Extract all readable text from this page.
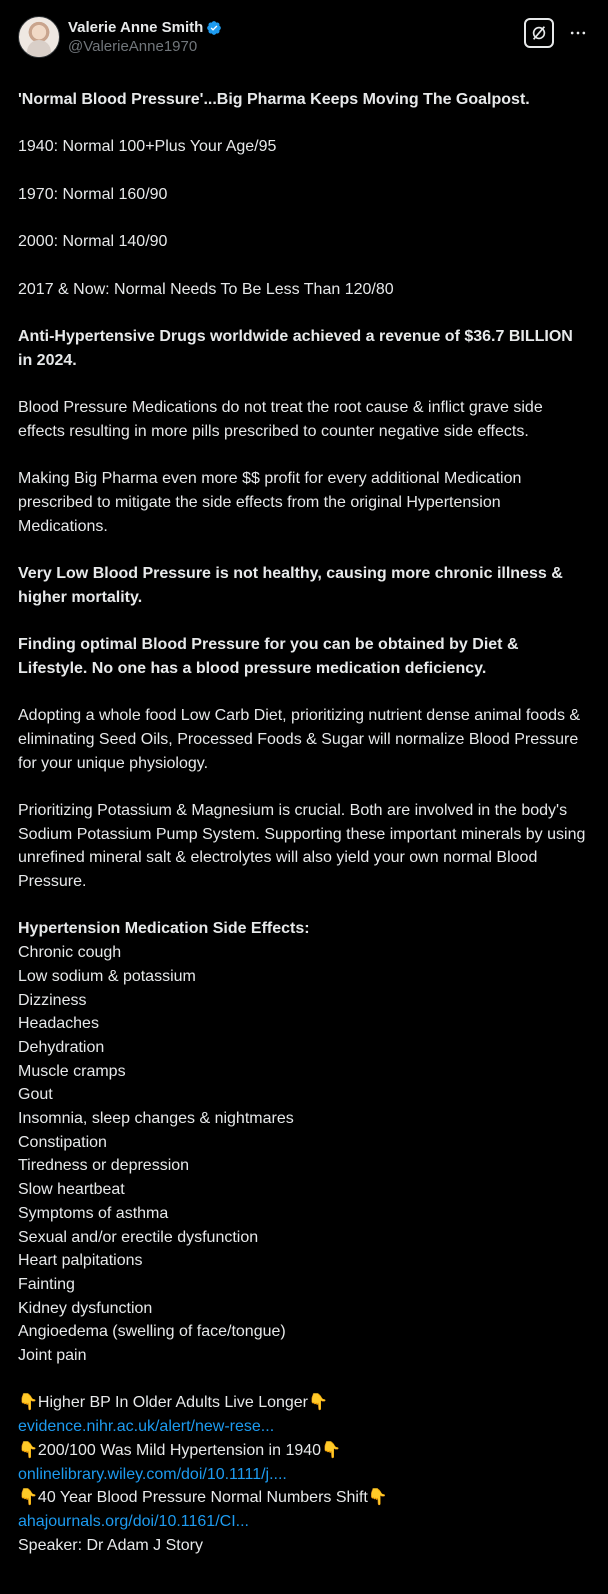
Valerie Anne Smith
@ValerieAnne1970

'Normal Blood Pressure'...Big Pharma Keeps Moving The Goalpost.

1940: Normal 100+Plus Your Age/95

1970: Normal 160/90

2000: Normal 140/90

2017 & Now: Normal Needs To Be Less Than 120/80

Anti-Hypertensive Drugs worldwide achieved a revenue of $36.7 BILLION in 2024.

Blood Pressure Medications do not treat the root cause & inflict grave side effects resulting in more pills prescribed to counter negative side effects.

Making Big Pharma even more $$ profit for every additional Medication prescribed to mitigate the side effects from the original Hypertension Medications.

Very Low Blood Pressure is not healthy, causing more chronic illness & higher mortality.

Finding optimal Blood Pressure for you can be obtained by Diet & Lifestyle. No one has a blood pressure medication deficiency.

Adopting a whole food Low Carb Diet, prioritizing nutrient dense animal foods & eliminating Seed Oils, Processed Foods & Sugar will normalize Blood Pressure for your unique physiology.

Prioritizing Potassium & Magnesium is crucial. Both are involved in the body's Sodium Potassium Pump System. Supporting these important minerals by using unrefined mineral salt & electrolytes will also yield your own normal Blood Pressure.

Hypertension Medication Side Effects:

Chronic cough

Low sodium & potassium

Dizziness

Headaches

Dehydration

Muscle cramps

Gout

Insomnia, sleep changes & nightmares

Constipation

Tiredness or depression

Slow heartbeat

Symptoms of asthma

Sexual and/or erectile dysfunction

Heart palpitations

Fainting

Kidney dysfunction

Angioedema (swelling of face/tongue)

Joint pain

👇Higher BP In Older Adults Live Longer👇

evidence.nihr.ac.uk/alert/new-rese...

👇200/100 Was Mild Hypertension in 1940👇

onlinelibrary.wiley.com/doi/10.1111/j....

👇40 Year Blood Pressure Normal Numbers Shift👇

ahajournals.org/doi/10.1161/CI...

Speaker: Dr Adam J Story
